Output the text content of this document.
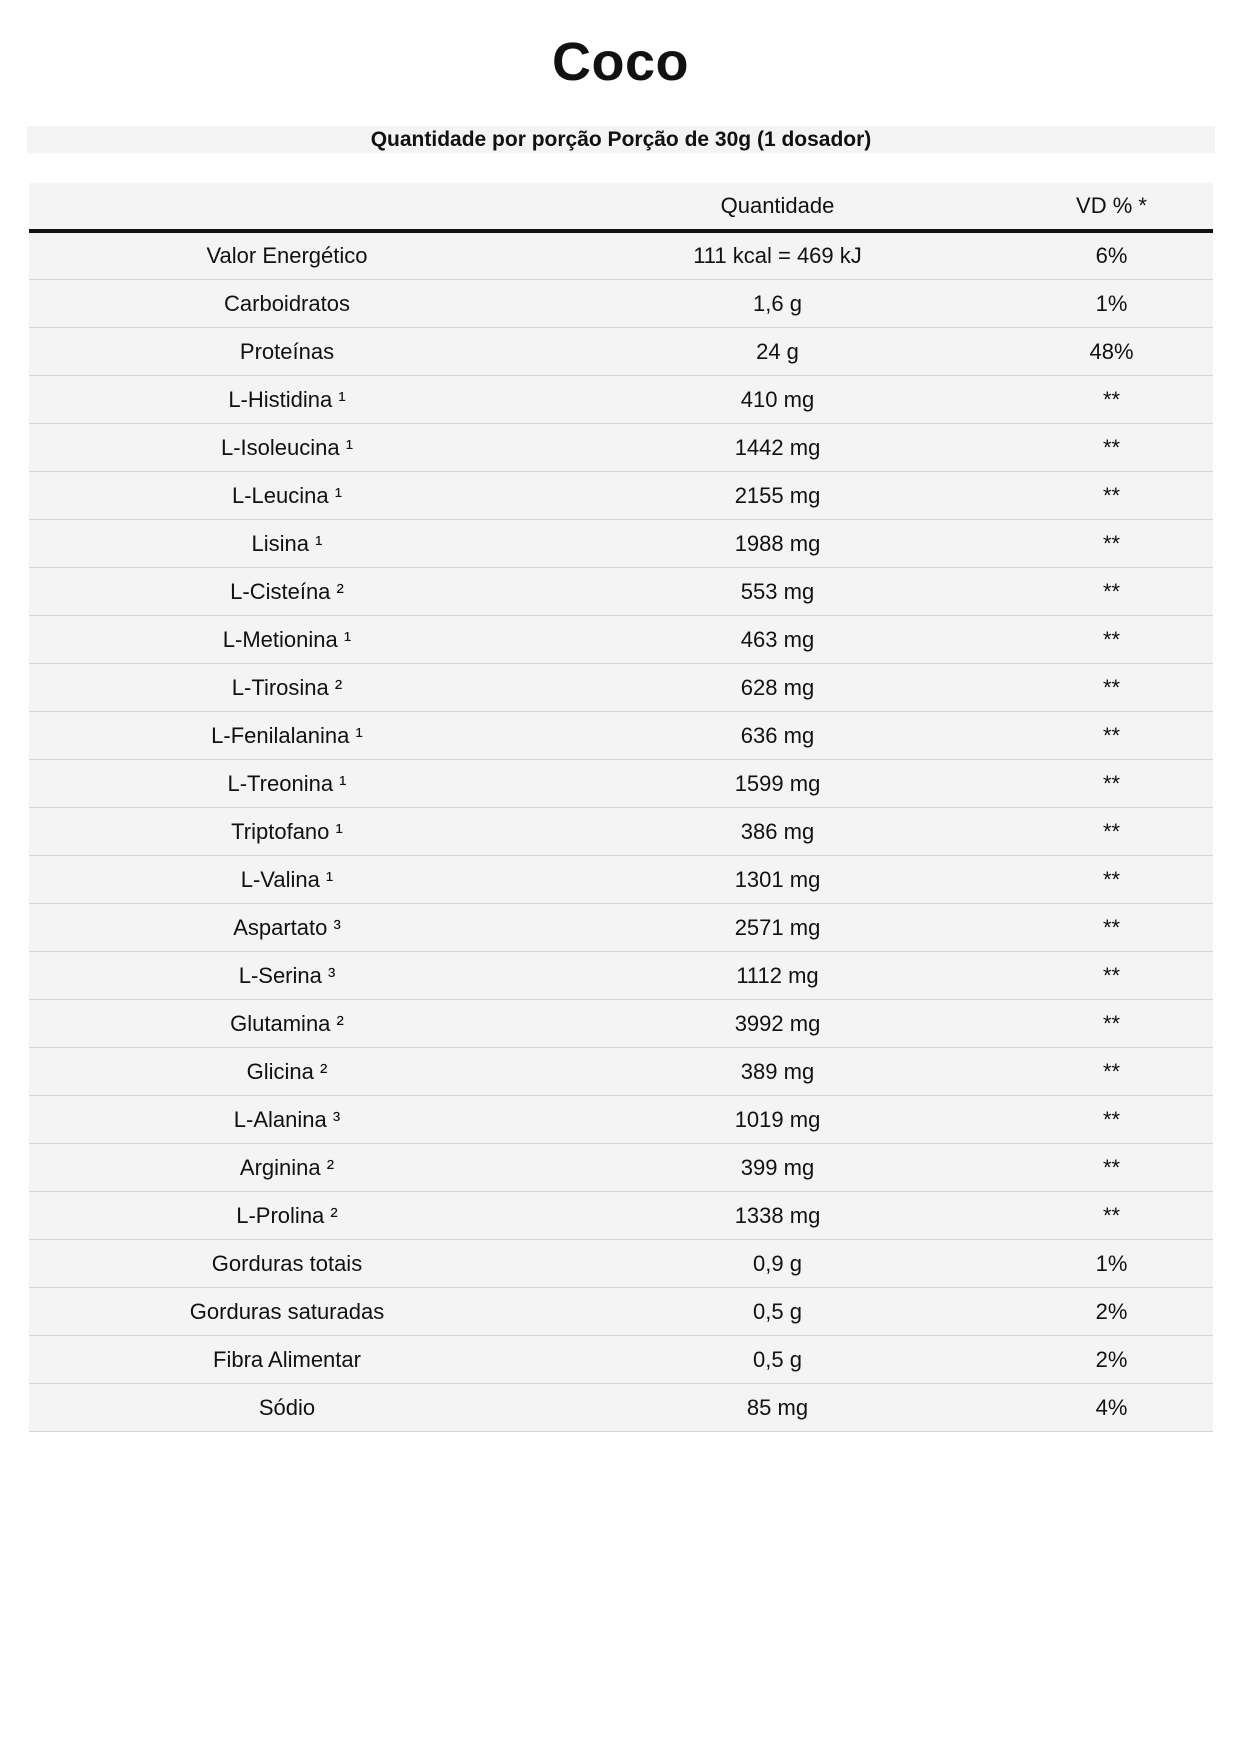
Coco
Quantidade por porção Porção de 30g (1 dosador)
	Quantidade	VD % *
Valor Energético	111 kcal = 469 kJ	6%
Carboidratos	1,6 g	1%
Proteínas	24 g	48%
L-Histidina ¹	410 mg	**
L-Isoleucina ¹	1442 mg	**
L-Leucina ¹	2155 mg	**
Lisina ¹	1988 mg	**
L-Cisteína ²	553 mg	**
L-Metionina ¹	463 mg	**
L-Tirosina ²	628 mg	**
L-Fenilalanina ¹	636 mg	**
L-Treonina ¹	1599 mg	**
Triptofano ¹	386 mg	**
L-Valina ¹	1301 mg	**
Aspartato ³	2571 mg	**
L-Serina ³	1112 mg	**
Glutamina ²	3992 mg	**
Glicina ²	389 mg	**
L-Alanina ³	1019 mg	**
Arginina ²	399 mg	**
L-Prolina ²	1338 mg	**
Gorduras totais	0,9 g	1%
Gorduras saturadas	0,5 g	2%
Fibra Alimentar	0,5 g	2%
Sódio	85 mg	4%
